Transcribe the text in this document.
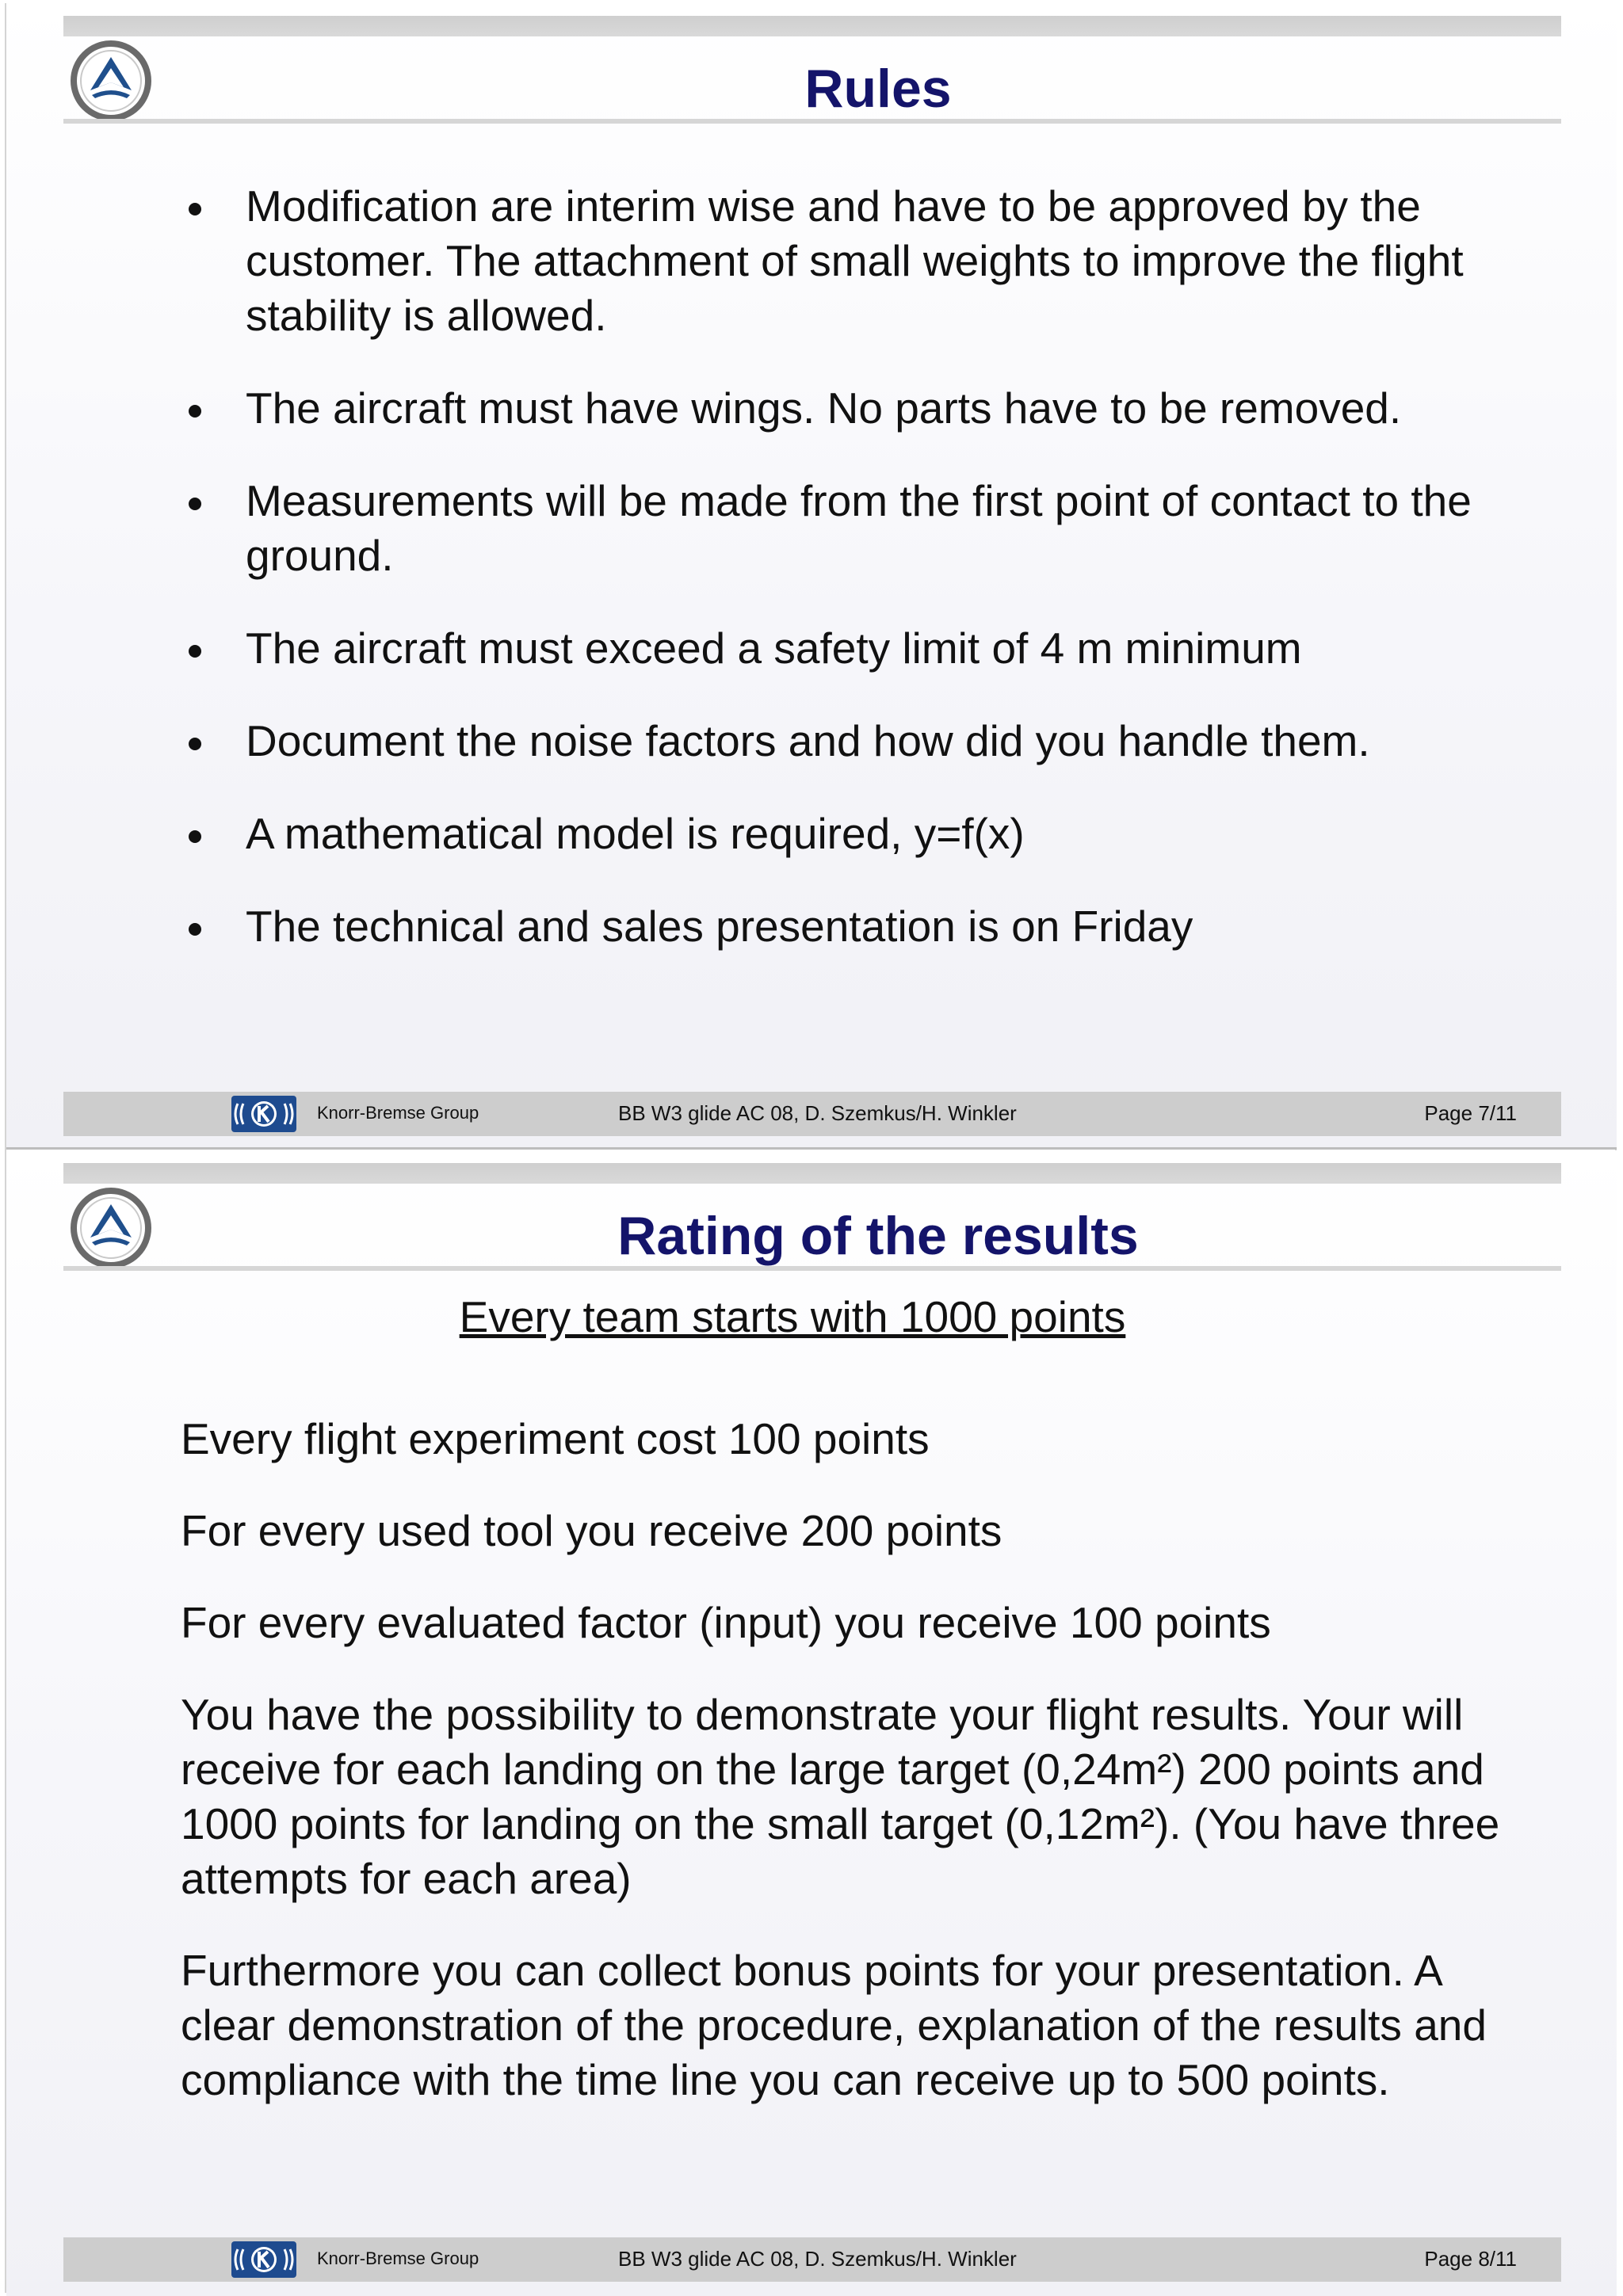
Rules
Modification are interim wise and have to be approved by the customer. The attachment of small weights to improve the flight stability is allowed.
The aircraft must have wings. No parts have to be removed.
Measurements will be made from the first point of contact to the ground.
The aircraft must exceed a safety limit of 4 m minimum
Document the noise factors and how did you handle them.
A mathematical model is required, y=f(x)
The technical and sales presentation is on Friday
Knorr-Bremse Group	BB W3 glide AC 08, D. Szemkus/H. Winkler	Page 7/11
Rating of the results
Every team starts with 1000 points

Every flight experiment cost 100 points

For every used tool you receive 200 points

For every evaluated factor (input) you receive 100 points

You have the possibility to demonstrate your flight results. Your will receive for each landing on the large target (0,24m²) 200 points and 1000 points for landing on the small target (0,12m²). (You have three attempts for each area)

Furthermore you can collect bonus points for your presentation. A clear demonstration of the procedure, explanation of the results and compliance with the time line you can receive up to 500 points.

Knorr-Bremse Group	BB W3 glide AC 08, D. Szemkus/H. Winkler	Page 8/11
